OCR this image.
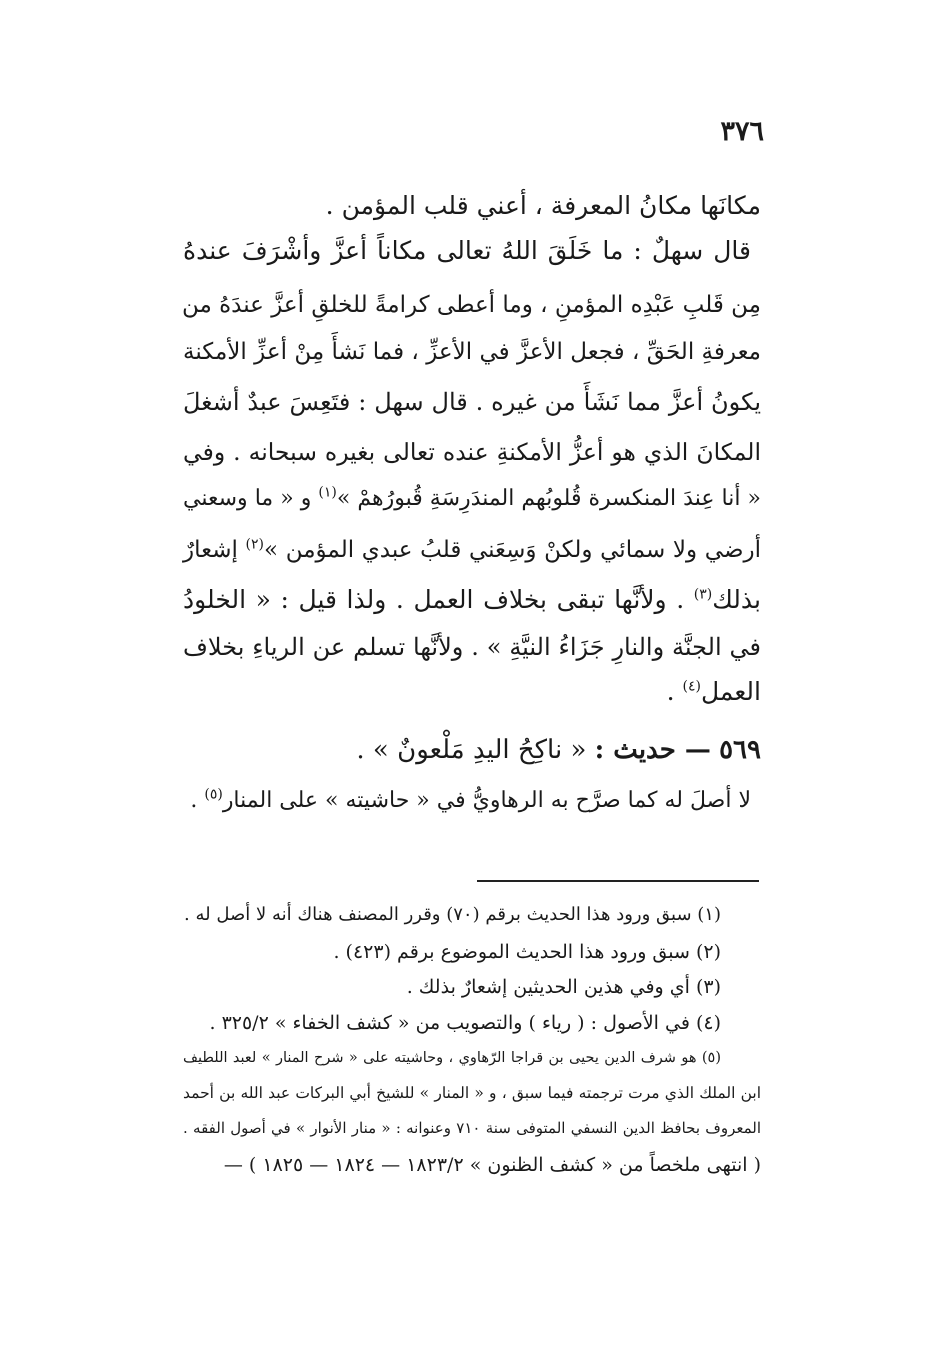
٣٧٦
مكانَها مكانُ المعرفة ، أعني قلب المؤمن .
قال سهلٌ : ما خَلَقَ اللهُ تعالى مكاناً أعزَّ وأشْرَفَ عندهُ
مِن قَلبِ عَبْدِه المؤمنِ ، وما أعطى كرامةً للخلقِ أعزَّ عندَهُ من
معرفةِ الحَقِّ ، فجعل الأعزَّ في الأعزِّ ، فما نَشأَ مِنْ أعزِّ الأمكنة
يكونُ أعزَّ مما نَشَأَ من غيره . قال سهل : فتَعِسَ عبدٌ أشغلَ
المكانَ الذي هو أعزُّ الأمكنةِ عنده تعالى بغيره سبحانه . وفي
« أنا عِندَ المنكسرة قُلوبُهم المندَرِسَةِ قُبورُهمْ »$^{(١)}$ و « ما وسعني
أرضي ولا سمائي ولكنْ وَسِعَني قلبُ عبدي المؤمن »$^{(٢)}$ إشعارٌ
بذلك$^{(٣)}$ . ولأنَّها تبقى بخلاف العمل . ولذا قيل : « الخلودُ
في الجنَّة والنارِ جَزَاءُ النيَّةِ » . ولأنَّها تسلم عن الرياءِ بخلاف
العمل$^{(٤)}$ .
٥٦٩ — حديث : « ناكِحُ اليدِ مَلْعونٌ » .
لا أصلَ له كما صرَّح به الرهاويُّ في « حاشيته » على المنار$^{(٥)}$ .
(١) سبق ورود هذا الحديث برقم (٧٠) وقرر المصنف هناك أنه لا أصل له .
(٢) سبق ورود هذا الحديث الموضوع برقم (٤٢٣) .
(٣) أي وفي هذين الحديثين إشعارٌ بذلك .
(٤) في الأصول : ( رياء ) والتصويب من « كشف الخفاء » ٣٢٥/٢ .
(٥) هو شرف الدين يحيى بن قراجا الرّهاوي ، وحاشيته على « شرح المنار » لعبد اللطيف
ابن الملك الذي مرت ترجمته فيما سبق ، و « المنار » للشيخ أبي البركات عبد الله بن أحمد
المعروف بحافظ الدين النسفي المتوفى سنة ٧١٠ وعنوانه : « منار الأنوار » في أصول الفقه .
( انتهى ملخصاً من « كشف الظنون » ١٨٢٣/٢ — ١٨٢٤ — ١٨٢٥ ) —
